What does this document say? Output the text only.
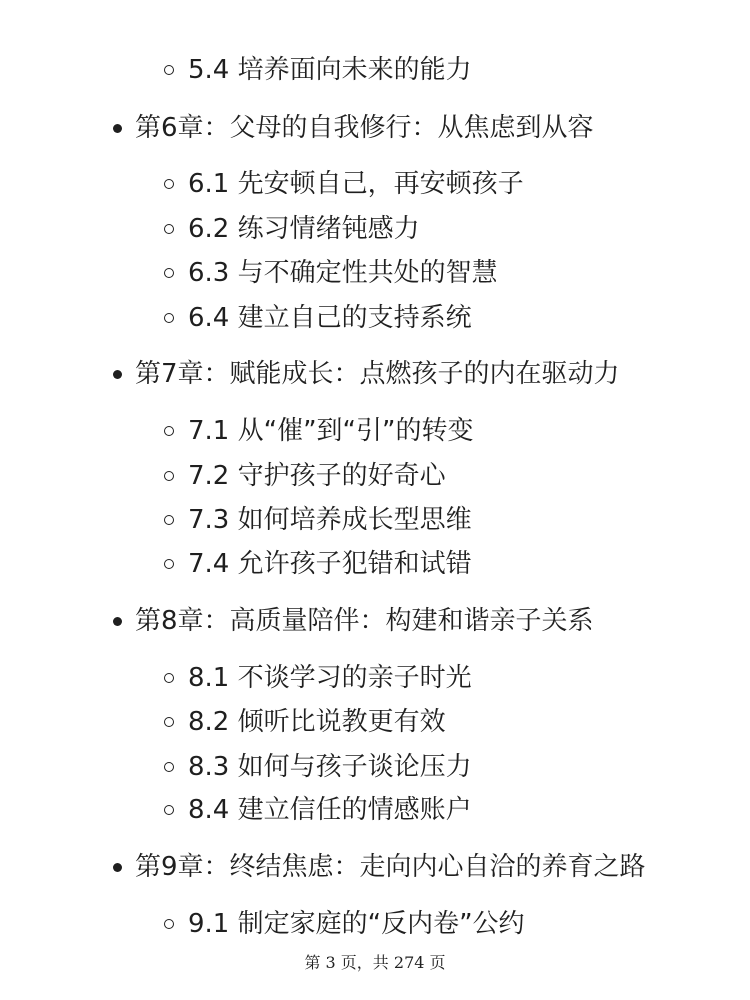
5.4 培养面向未来的能力
第6章：父母的自我修行：从焦虑到从容
6.1 先安顿自己，再安顿孩子
6.2 练习情绪钝感力
6.3 与不确定性共处的智慧
6.4 建立自己的支持系统
第7章：赋能成长：点燃孩子的内在驱动力
7.1 从“催”到“引”的转变
7.2 守护孩子的好奇心
7.3 如何培养成长型思维
7.4 允许孩子犯错和试错
第8章：高质量陪伴：构建和谐亲子关系
8.1 不谈学习的亲子时光
8.2 倾听比说教更有效
8.3 如何与孩子谈论压力
8.4 建立信任的情感账户
第9章：终结焦虑：走向内心自洽的养育之路
9.1 制定家庭的“反内卷”公约
第 3 页，共 274 页
